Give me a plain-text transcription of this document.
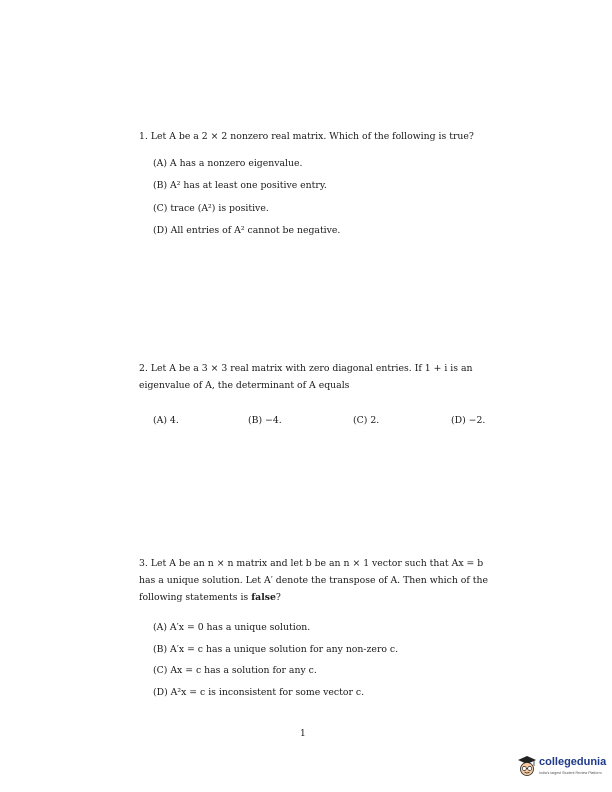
1. Let A be a 2 × 2 nonzero real matrix. Which of the following is true?
(A) A has a nonzero eigenvalue.
(B) A² has at least one positive entry.
(C) trace (A²) is positive.
(D) All entries of A² cannot be negative.
2. Let A be a 3 × 3 real matrix with zero diagonal entries. If 1 + i is an eigenvalue of A, the determinant of A equals
(A) 4.	(B) −4.	(C) 2.	(D) −2.
3. Let A be an n × n matrix and let b be an n × 1 vector such that Ax = b has a unique solution. Let A′ denote the transpose of A. Then which of the following statements is false?
(A) A′x = 0 has a unique solution.
(B) A′x = c has a unique solution for any non-zero c.
(C) Ax = c has a solution for any c.
(D) A²x = c is inconsistent for some vector c.
1
collegedunia
India's largest Student Review Platform
